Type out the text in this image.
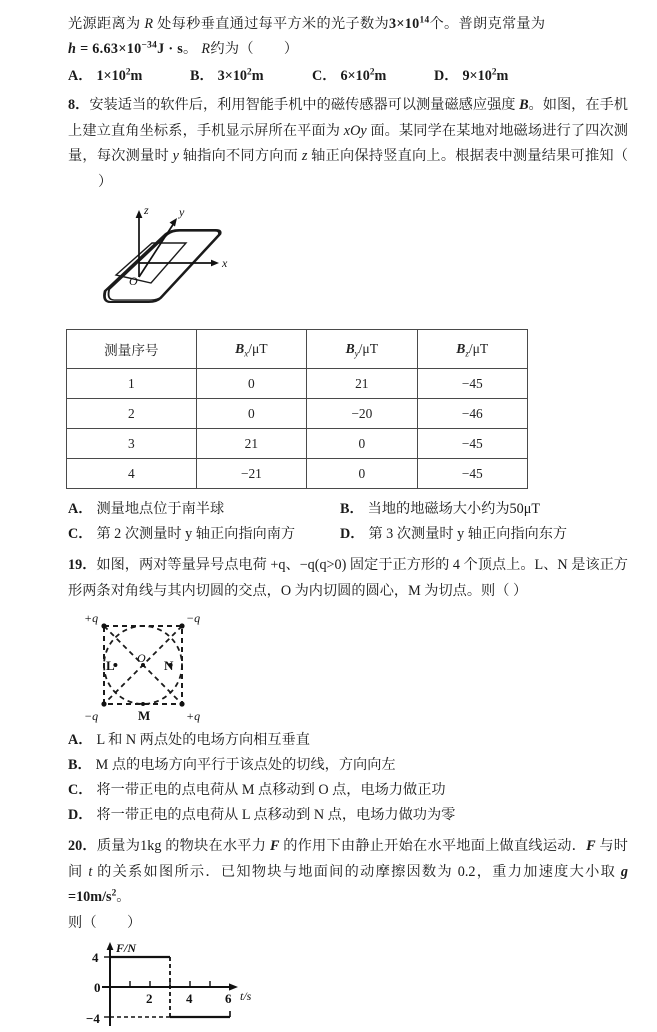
光源距离为 R 处每秒垂直通过每平方米的光子数为$3\times 10^{14}$个。普朗克常量为
$h = 6.63\times 10^{-34}J \cdot s$。 R约为（ ）
A． $1\times 10^2m$	B． $3\times 10^2m$	C． $6\times 10^2m$	D． $9\times 10^2m$
8．安装适当的软件后，利用智能手机中的磁传感器可以测量磁感应强度 B。如图，在手机上建立直角坐标系，手机显示屏所在平面为 xOy 面。某同学在某地对地磁场进行了四次测量，每次测量时 y 轴指向不同方向而 z 轴正向保持竖直向上。根据表中测量结果可推知（）
z	y
x
O
测量序号	$B_x/\mu T$	$B_y/\mu T$	$B_z/\mu T$
1	0	21	−45
2	0	−20	−46
3	21	0	−45
4	−21	0	−45
A． 测量地点位于南半球	B． 当地的地磁场大小约为50μT
C． 第 2 次测量时 y 轴正向指向南方	D． 第 3 次测量时 y 轴正向指向东方
19．如图，两对等量异号点电荷 +q、−q(q>0) 固定于正方形的 4 个顶点上。L、N 是该正方形两条对角线与其内切圆的交点，O 为内切圆的圆心，M 为切点。则（ ）
+q	−q
−q	+q
L O N
M
A． L 和 N 两点处的电场方向相互垂直
B． M 点的电场方向平行于该点处的切线，方向向左
C． 将一带正电的点电荷从 M 点移动到 O 点，电场力做正功
D． 将一带正电的点电荷从 L 点移动到 N 点，电场力做功为零
20．质量为1kg 的物块在水平力 F 的作用下由静止开始在水平地面上做直线运动．F 与时间 t 的关系如图所示．已知物块与地面间的动摩擦因数为 0.2，重力加速度大小取 $g =10m/s^2$。
则（ ）
F/N
t/s
4
0
−4
2	4	6
